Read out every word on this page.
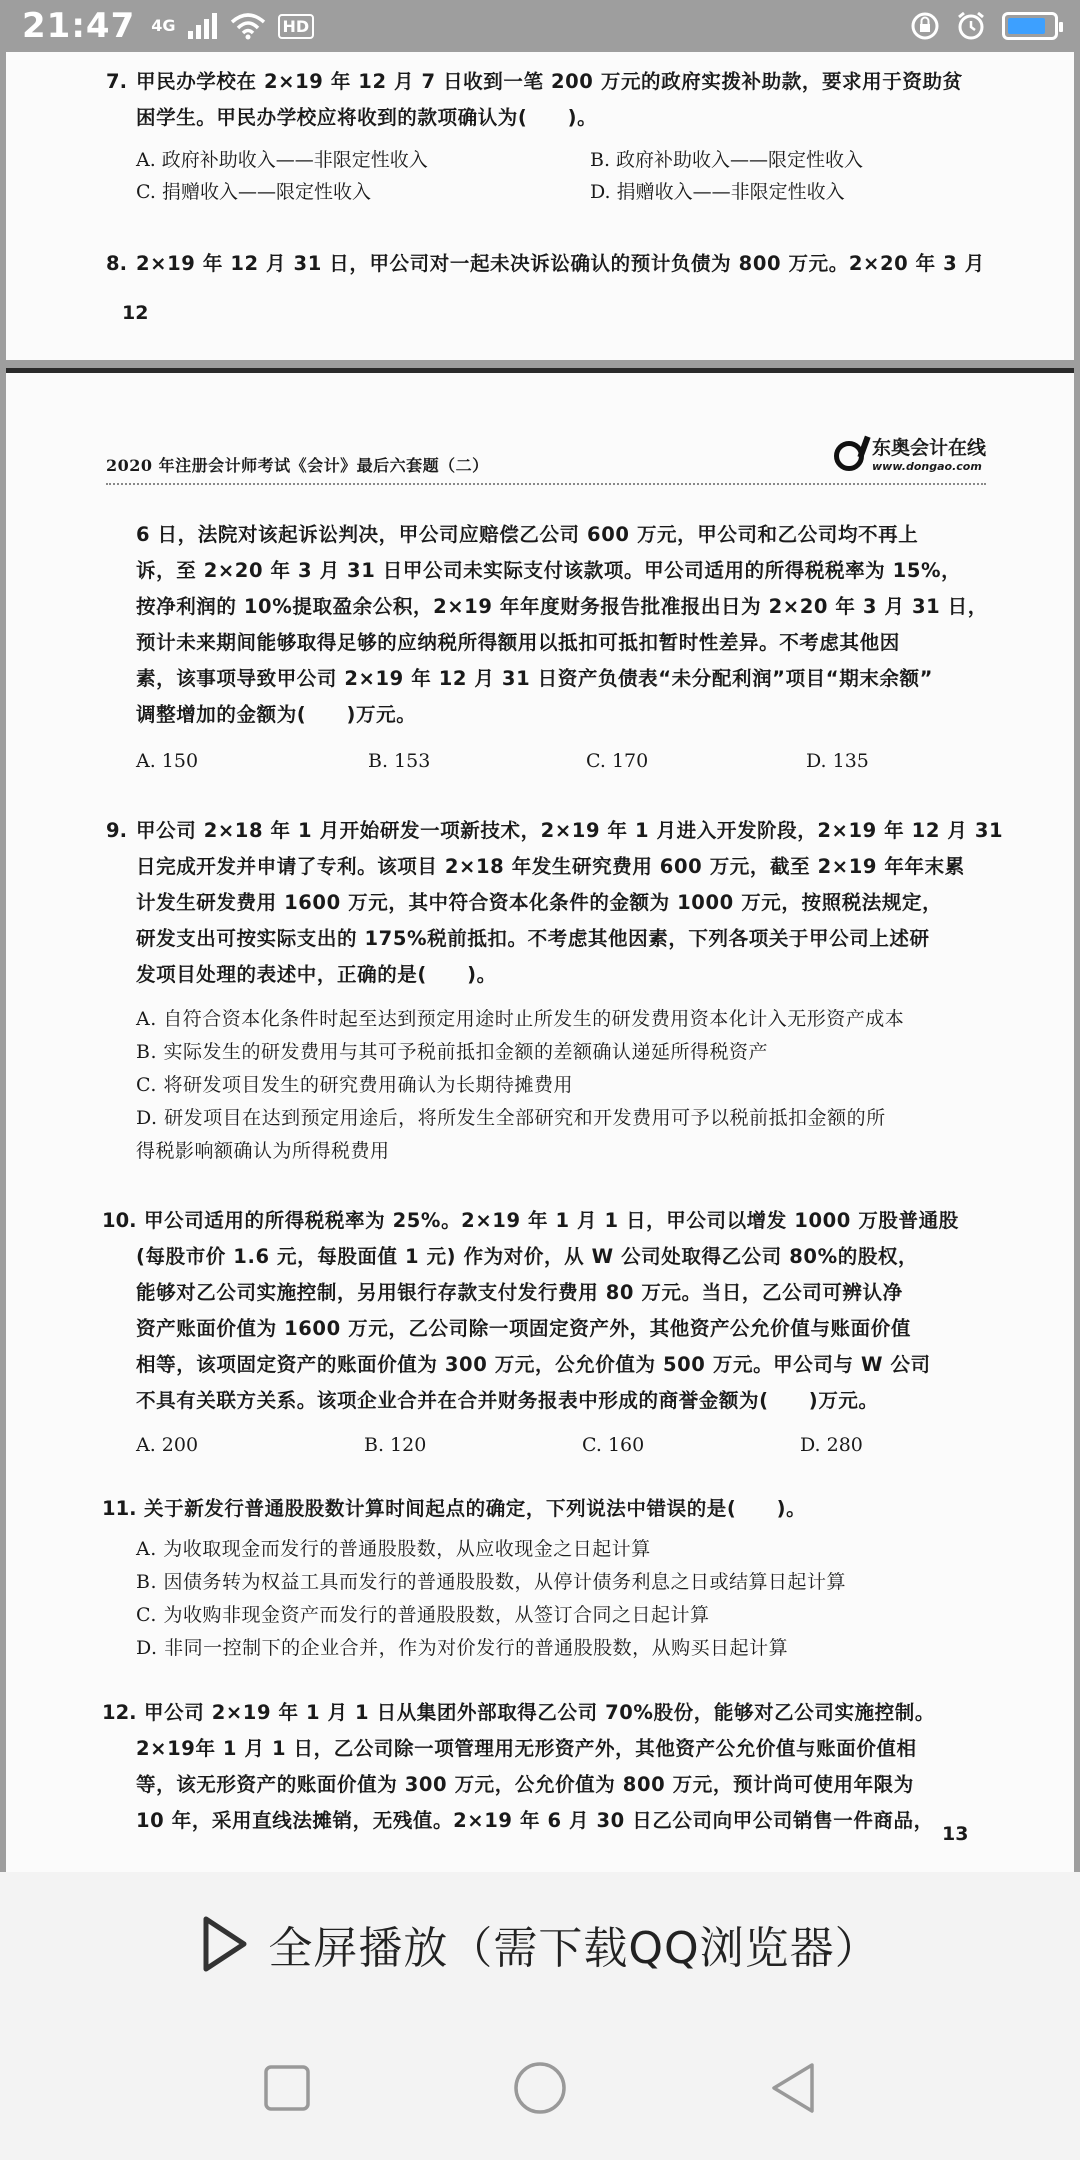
21:47 4G	HD
7. 甲民办学校在 2×19 年 12 月 7 日收到一笔 200 万元的政府实拨补助款，要求用于资助贫
困学生。甲民办学校应将收到的款项确认为(　　)。
A. 政府补助收入——非限定性收入	B. 政府补助收入——限定性收入
C. 捐赠收入——限定性收入	D. 捐赠收入——非限定性收入
8. 2×19 年 12 月 31 日，甲公司对一起未决诉讼确认的预计负债为 800 万元。2×20 年 3 月
12
2020 年注册会计师考试《会计》最后六套题（二）
东奥会计在线
www.dongao.com
6 日，法院对该起诉讼判决，甲公司应赔偿乙公司 600 万元，甲公司和乙公司均不再上
诉，至 2×20 年 3 月 31 日甲公司未实际支付该款项。甲公司适用的所得税税率为 15%，
按净利润的 10%提取盈余公积，2×19 年年度财务报告批准报出日为 2×20 年 3 月 31 日，
预计未来期间能够取得足够的应纳税所得额用以抵扣可抵扣暂时性差异。不考虑其他因
素，该事项导致甲公司 2×19 年 12 月 31 日资产负债表“未分配利润”项目“期末余额”
调整增加的金额为(　　)万元。
A. 150	B. 153	C. 170	D. 135
9. 甲公司 2×18 年 1 月开始研发一项新技术，2×19 年 1 月进入开发阶段，2×19 年 12 月 31
日完成开发并申请了专利。该项目 2×18 年发生研究费用 600 万元，截至 2×19 年年末累
计发生研发费用 1600 万元，其中符合资本化条件的金额为 1000 万元，按照税法规定，
研发支出可按实际支出的 175%税前抵扣。不考虑其他因素，下列各项关于甲公司上述研
发项目处理的表述中，正确的是(　　)。
A. 自符合资本化条件时起至达到预定用途时止所发生的研发费用资本化计入无形资产成本
B. 实际发生的研发费用与其可予税前抵扣金额的差额确认递延所得税资产
C. 将研发项目发生的研究费用确认为长期待摊费用
D. 研发项目在达到预定用途后，将所发生全部研究和开发费用可予以税前抵扣金额的所
得税影响额确认为所得税费用
10. 甲公司适用的所得税税率为 25%。2×19 年 1 月 1 日，甲公司以增发 1000 万股普通股
(每股市价 1.6 元，每股面值 1 元) 作为对价，从 W 公司处取得乙公司 80%的股权，
能够对乙公司实施控制，另用银行存款支付发行费用 80 万元。当日，乙公司可辨认净
资产账面价值为 1600 万元，乙公司除一项固定资产外，其他资产公允价值与账面价值
相等，该项固定资产的账面价值为 300 万元，公允价值为 500 万元。甲公司与 W 公司
不具有关联方关系。该项企业合并在合并财务报表中形成的商誉金额为(　　)万元。
A. 200	B. 120	C. 160	D. 280
11. 关于新发行普通股股数计算时间起点的确定，下列说法中错误的是(　　)。
A. 为收取现金而发行的普通股股数，从应收现金之日起计算
B. 因债务转为权益工具而发行的普通股股数，从停计债务利息之日或结算日起计算
C. 为收购非现金资产而发行的普通股股数，从签订合同之日起计算
D. 非同一控制下的企业合并，作为对价发行的普通股股数，从购买日起计算
12. 甲公司 2×19 年 1 月 1 日从集团外部取得乙公司 70%股份，能够对乙公司实施控制。
2×19年 1 月 1 日，乙公司除一项管理用无形资产外，其他资产公允价值与账面价值相
等，该无形资产的账面价值为 300 万元，公允价值为 800 万元，预计尚可使用年限为
10 年，采用直线法摊销，无残值。2×19 年 6 月 30 日乙公司向甲公司销售一件商品，
13
全屏播放（需下载QQ浏览器）
